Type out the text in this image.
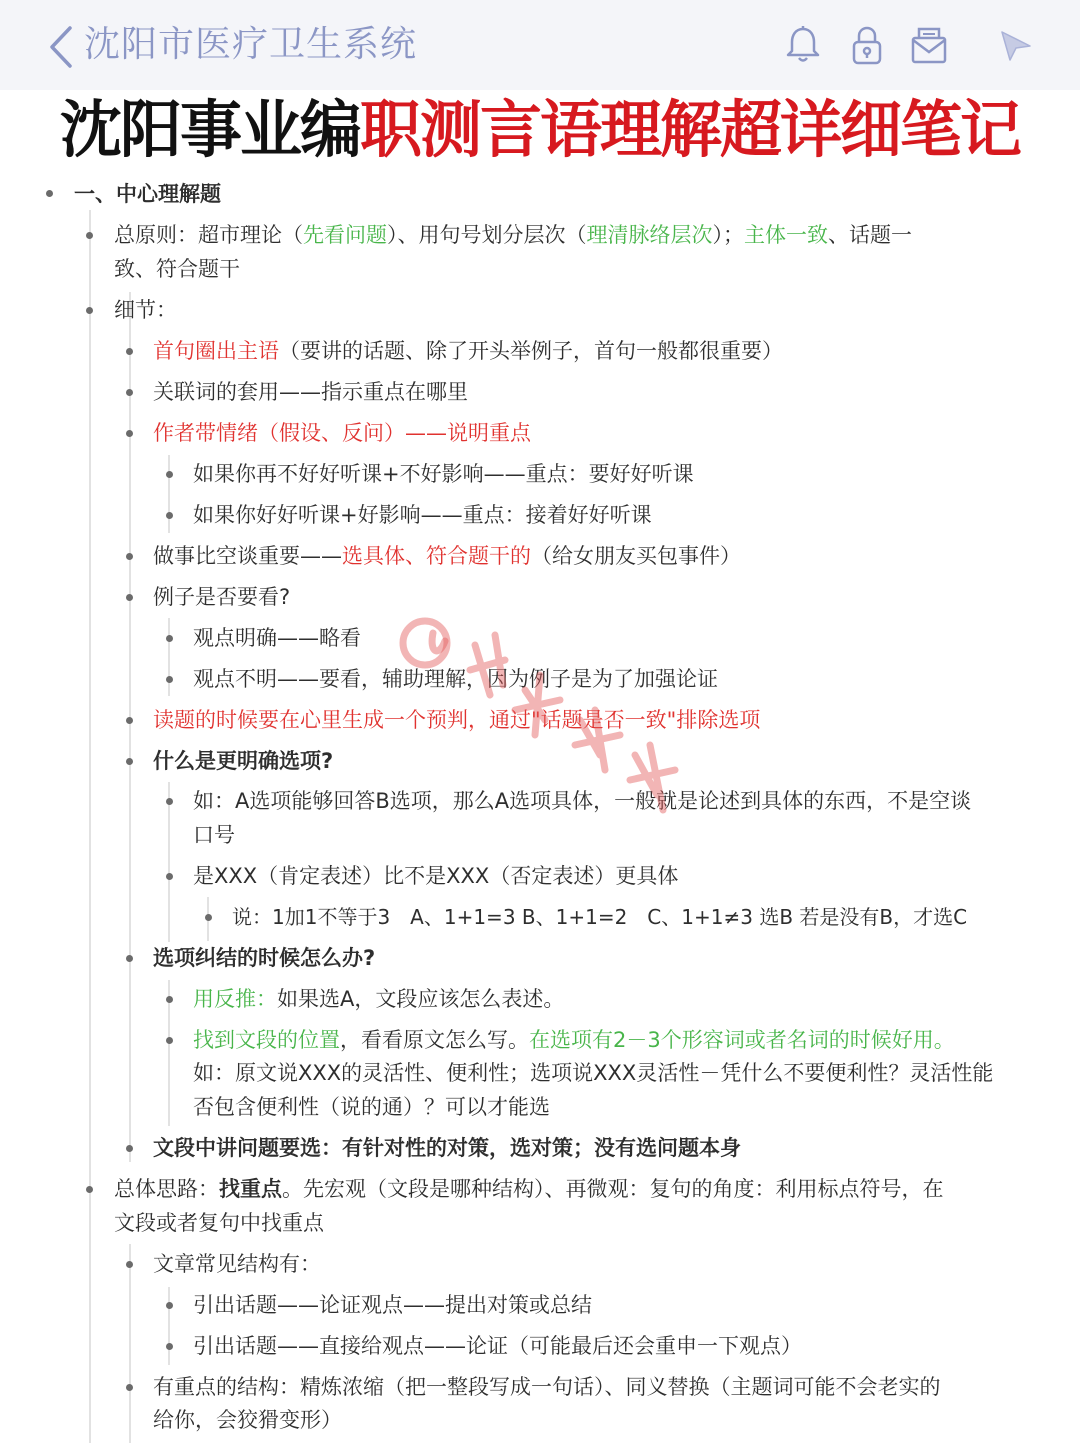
沈阳市医疗卫生系统
沈阳事业编职测言语理解超详细笔记
一、中心理解题
总原则：超市理论（先看问题）、用句号划分层次（理清脉络层次）；主体一致、话题一
致、符合题干
细节：
首句圈出主语（要讲的话题、除了开头举例子，首句一般都很重要）
关联词的套用——指示重点在哪里
作者带情绪（假设、反问）——说明重点
如果你再不好好听课+不好影响——重点：要好好听课
如果你好好听课+好影响——重点：接着好好听课
做事比空谈重要——选具体、符合题干的（给女朋友买包事件）
例子是否要看?
观点明确——略看
观点不明——要看，辅助理解，因为例子是为了加强论证
读题的时候要在心里生成一个预判，通过"话题是否一致"排除选项
什么是更明确选项?
如：A选项能够回答B选项，那么A选项具体，一般就是论述到具体的东西，不是空谈
口号
是XXX（肯定表述）比不是XXX（否定表述）更具体
说：1加1不等于3　A、1+1=3 B、1+1=2　C、1+1≠3 选B 若是没有B，才选C
选项纠结的时候怎么办?
用反推：如果选A，文段应该怎么表述。
找到文段的位置，看看原文怎么写。在选项有2－3个形容词或者名词的时候好用。
如：原文说XXX的灵活性、便利性；选项说XXX灵活性－凭什么不要便利性？灵活性能
否包含便利性（说的通）？可以才能选
文段中讲问题要选：有针对性的对策，选对策；没有选问题本身
总体思路：找重点。先宏观（文段是哪种结构）、再微观：复句的角度：利用标点符号，在
文段或者复句中找重点
文章常见结构有：
引出话题——论证观点——提出对策或总结
引出话题——直接给观点——论证（可能最后还会重申一下观点）
有重点的结构：精炼浓缩（把一整段写成一句话）、同义替换（主题词可能不会老实的
给你，会狡猾变形）
